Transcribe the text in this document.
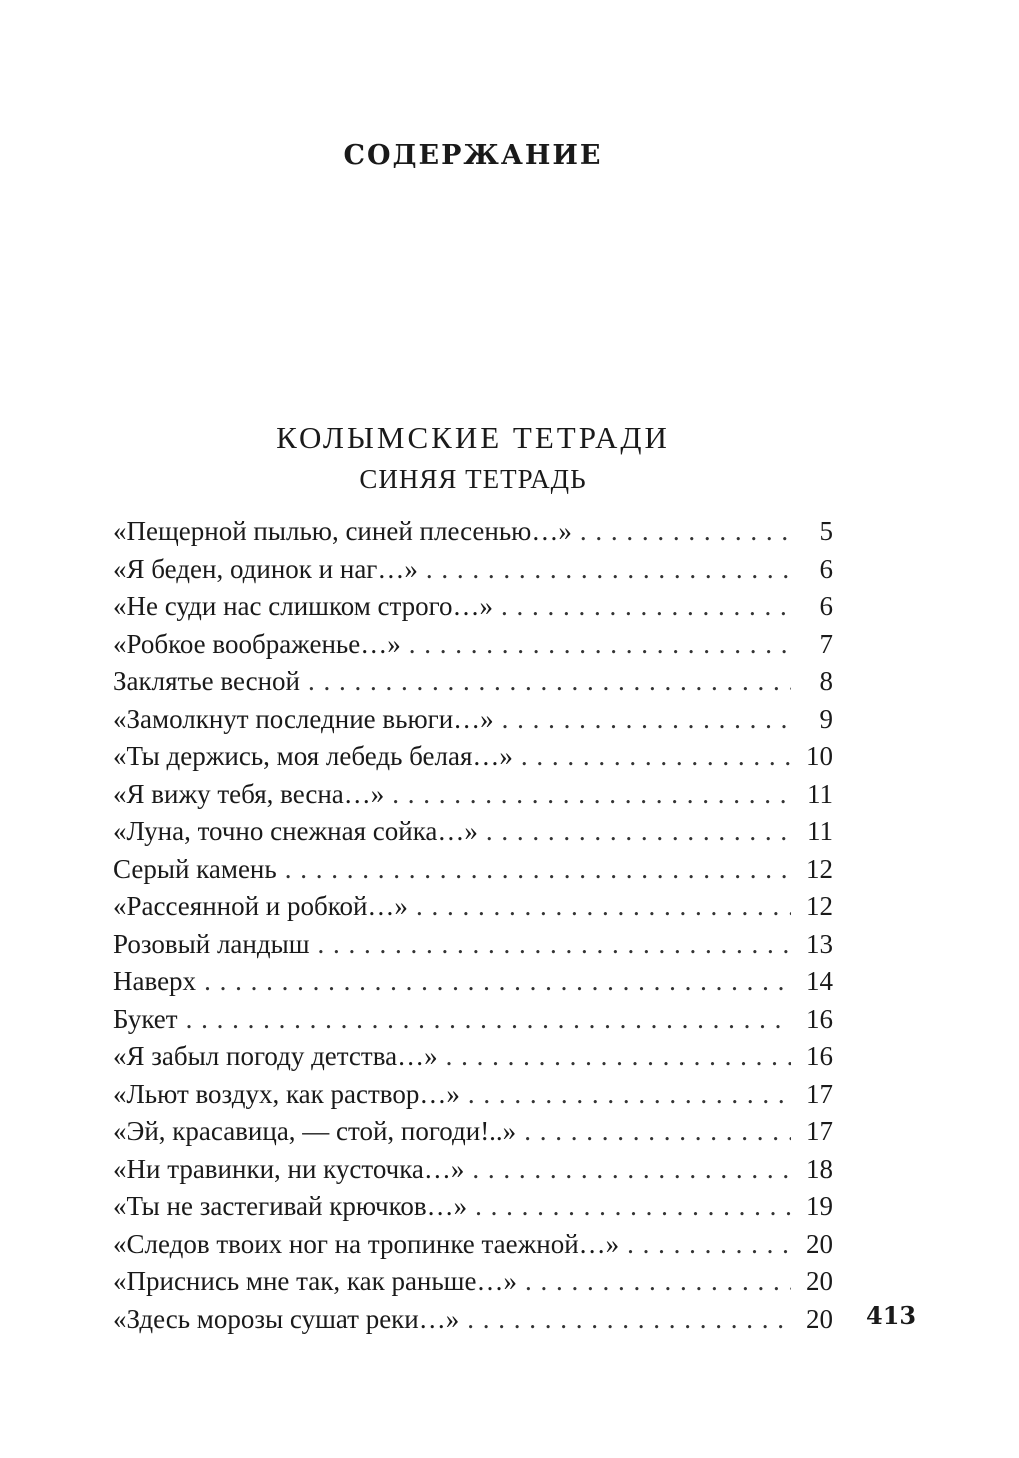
СОДЕРЖАНИЕ
КОЛЫМСКИЕ ТЕТРАДИ
СИНЯЯ ТЕТРАДЬ
«Пещерной пылью, синей плесенью…» . . .	5
«Я беден, одинок и наг…» . . .	6
«Не суди нас слишком строго…» . . .	6
«Робкое воображенье…» . . .	7
Заклятье весной . . .	8
«Замолкнут последние вьюги…» . . .	9
«Ты держись, моя лебедь белая…» . . .	10
«Я вижу тебя, весна…» . . .	11
«Луна, точно снежная сойка…» . . .	11
Серый камень . . .	12
«Рассеянной и робкой…» . . .	12
Розовый ландыш . . .	13
Наверх . . .	14
Букет . . .	16
«Я забыл погоду детства…» . . .	16
«Льют воздух, как раствор…» . . .	17
«Эй, красавица, — стой, погоди!..» . . .	17
«Ни травинки, ни кусточка…» . . .	18
«Ты не застегивай крючков…» . . .	19
«Следов твоих ног на тропинке таежной…» . . .	20
«Приснись мне так, как раньше…» . . .	20
«Здесь морозы сушат реки…» . . .	20 413
